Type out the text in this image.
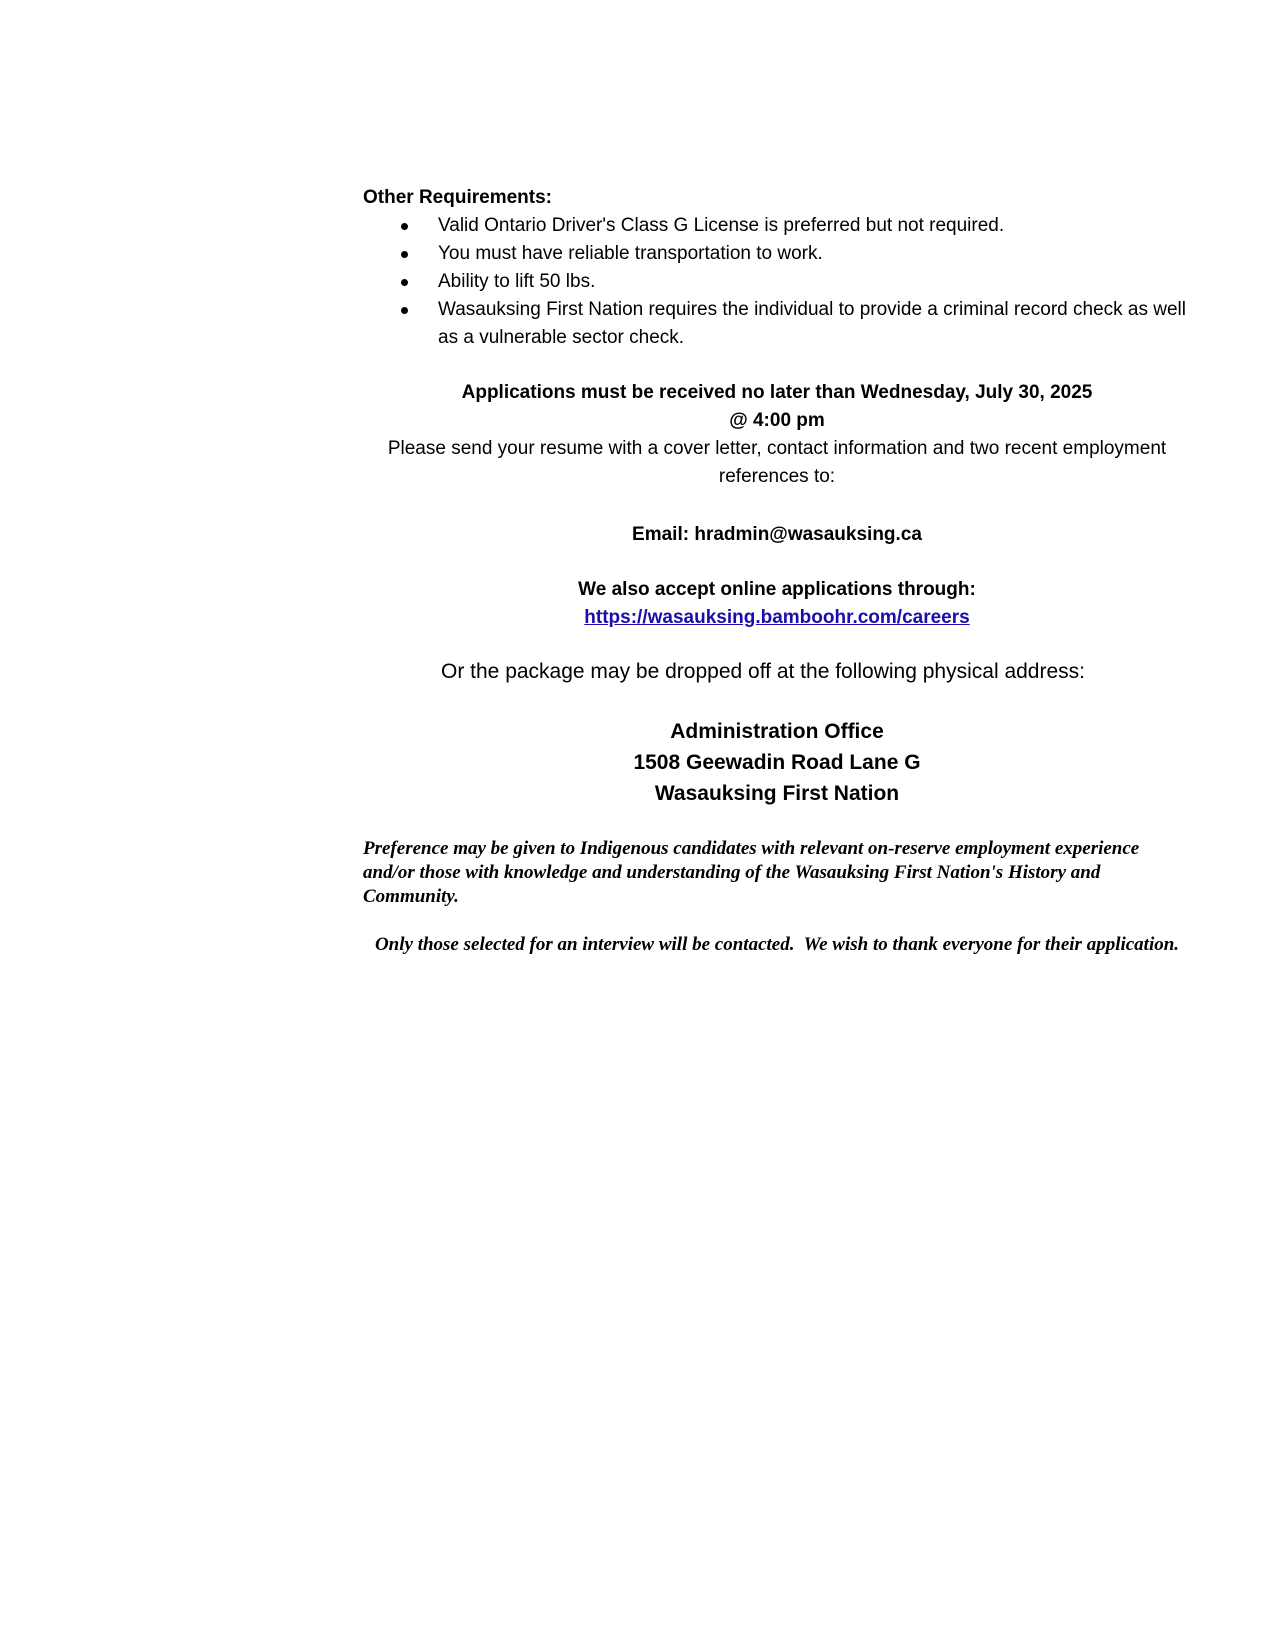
Other Requirements:

Valid Ontario Driver's Class G License is preferred but not required.
You must have reliable transportation to work.
Ability to lift 50 lbs.
Wasauksing First Nation requires the individual to provide a criminal record check as well as a vulnerable sector check.
Applications must be received no later than Wednesday, July 30, 2025
@ 4:00 pm
Please send your resume with a cover letter, contact information and two recent employment references to:
Email: hradmin@wasauksing.ca
We also accept online applications through:
https://wasauksing.bamboohr.com/careers
Or the package may be dropped off at the following physical address:
Administration Office
1508 Geewadin Road Lane G
Wasauksing First Nation
Preference may be given to Indigenous candidates with relevant on-reserve employment experience and/or those with knowledge and understanding of the Wasauksing First Nation's History and Community.
Only those selected for an interview will be contacted.  We wish to thank everyone for their application.
